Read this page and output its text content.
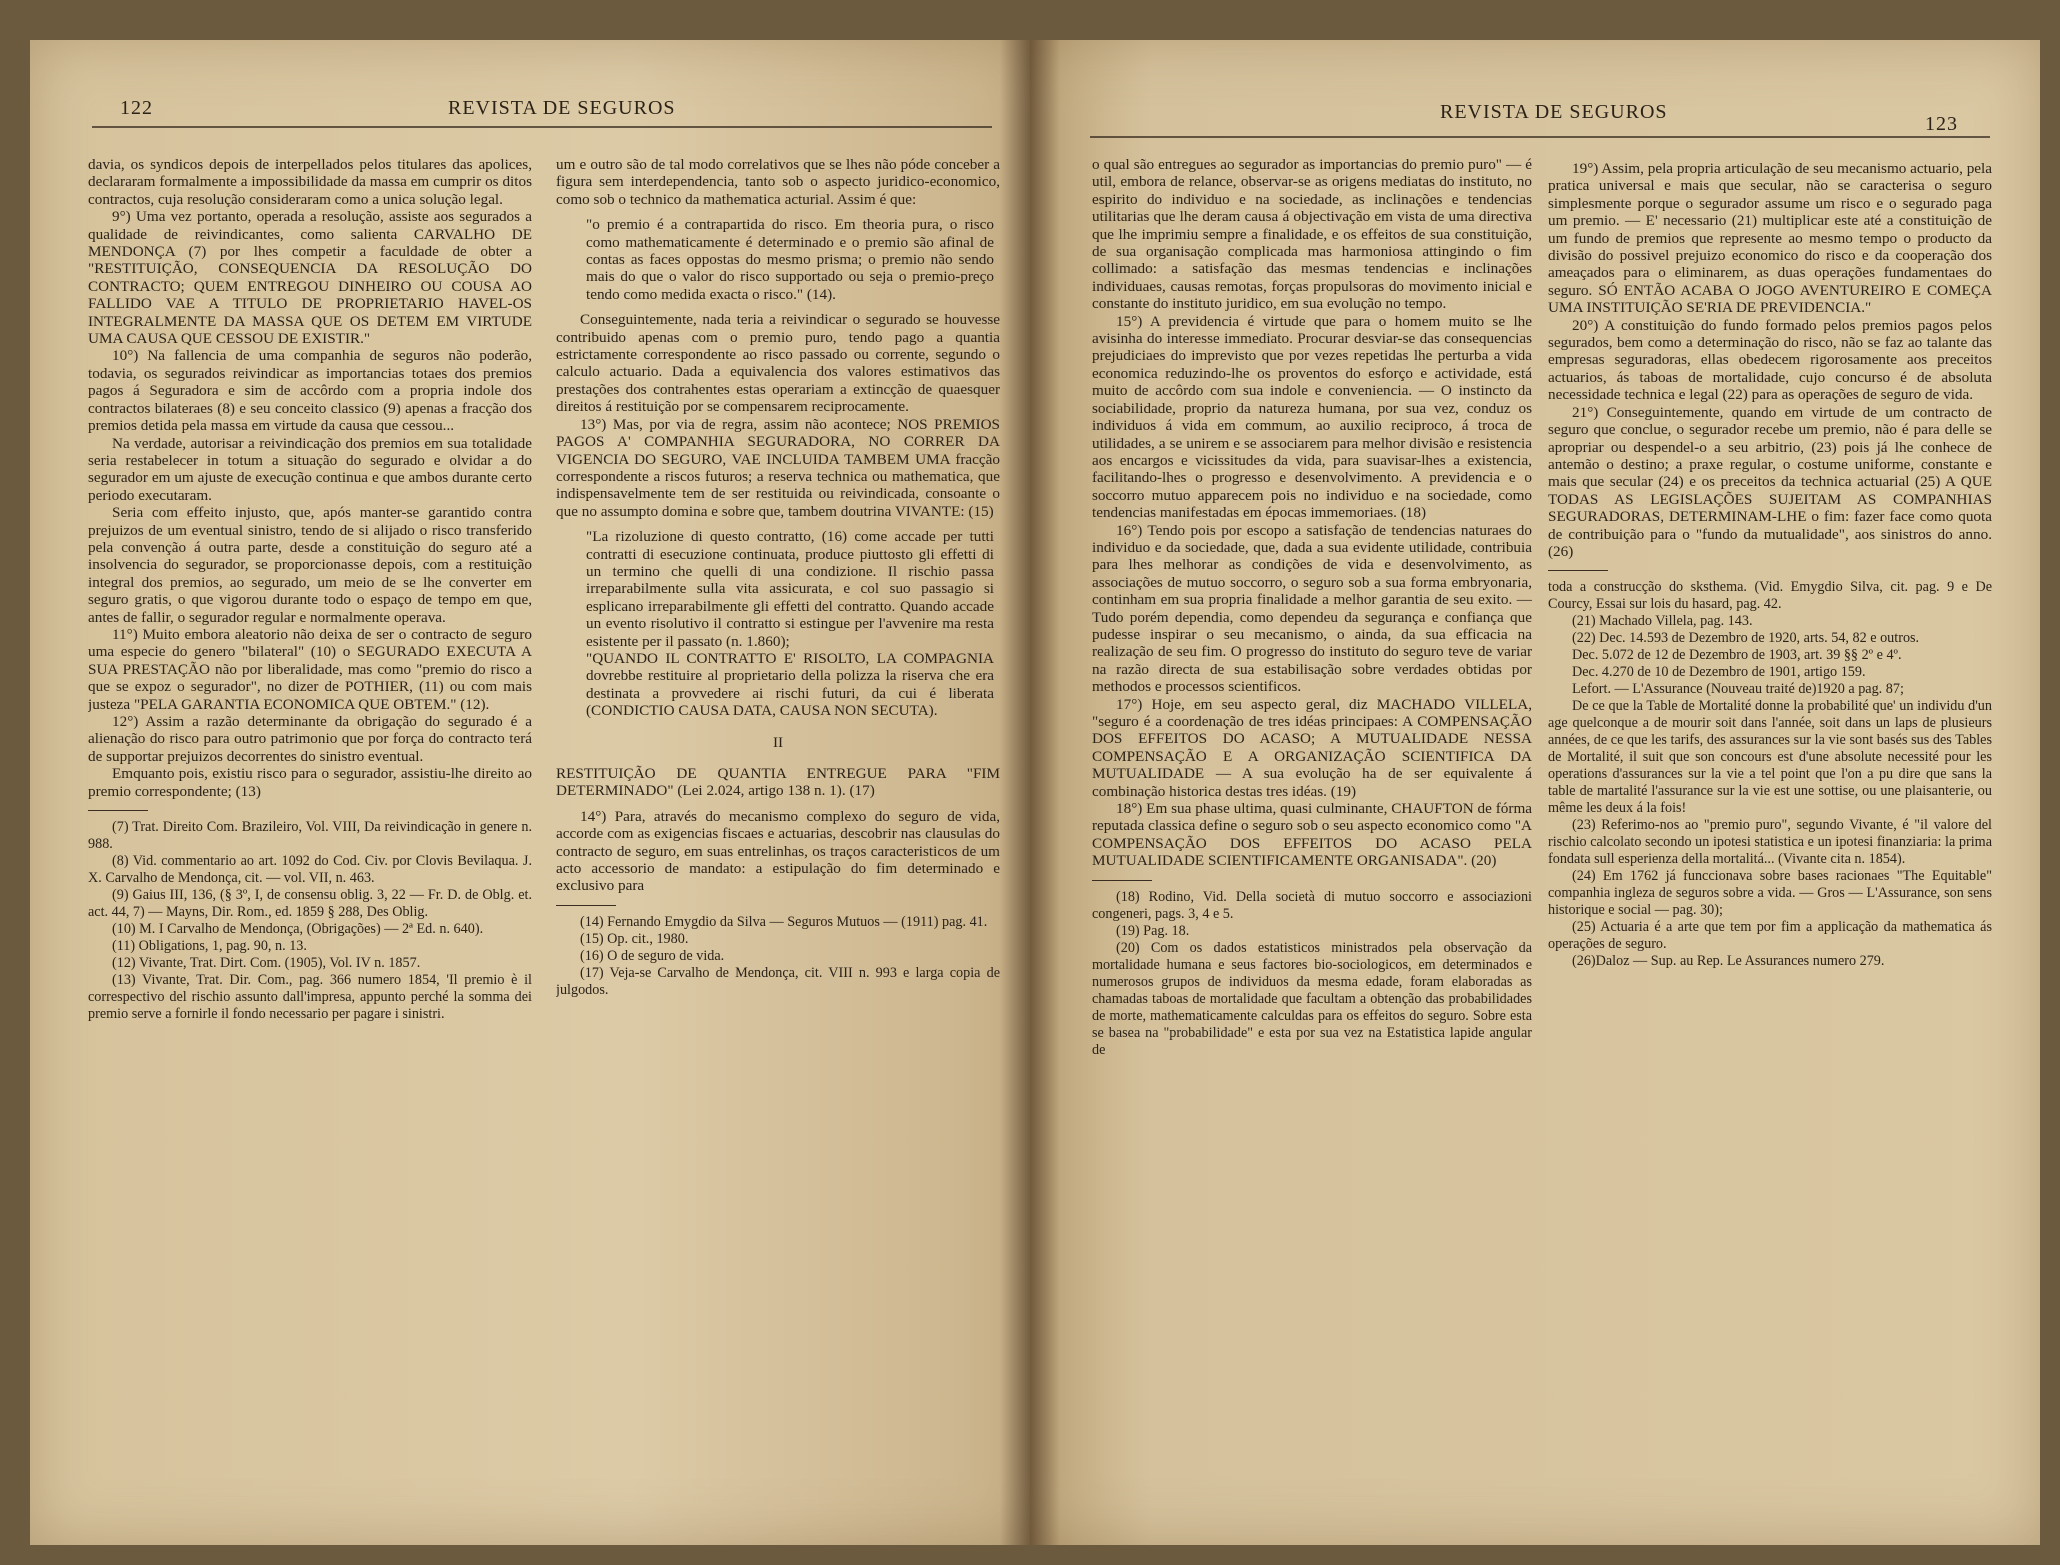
122	REVISTA DE SEGUROS	REVISTA DE SEGUROS
123

davia, os syndicos depois de interpellados pelos titulares das apolices, declararam formalmente a impossibilidade da massa em cumprir os ditos contractos, cuja resolução consideraram como a unica solução legal.

9°) Uma vez portanto, operada a resolução, assiste aos segurados a qualidade de reivindicantes, como salienta CARVALHO DE MENDONÇA (7) por lhes competir a faculdade de obter a "RESTITUIÇÃO, CONSEQUENCIA DA RESOLUÇÃO DO CONTRACTO; QUEM ENTREGOU DINHEIRO OU COUSA AO FALLIDO VAE A TITULO DE PROPRIETARIO HAVEL-OS INTEGRALMENTE DA MASSA QUE OS DETEM EM VIRTUDE UMA CAUSA QUE CESSOU DE EXISTIR."

10°) Na fallencia de uma companhia de seguros não poderão, todavia, os segurados reivindicar as importancias totaes dos premios pagos á Seguradora e sim de accôrdo com a propria indole dos contractos bilateraes (8) e seu conceito classico (9) apenas a fracção dos premios detida pela massa em virtude da causa que cessou...

Na verdade, autorisar a reivindicação dos premios em sua totalidade seria restabelecer in totum a situação do segurado e olvidar a do segurador em um ajuste de execução continua e que ambos durante certo periodo executaram.

Seria com effeito injusto, que, após manter-se garantido contra prejuizos de um eventual sinistro, tendo de si alijado o risco transferido pela convenção á outra parte, desde a constituição do seguro até a insolvencia do segurador, se proporcionasse depois, com a restituição integral dos premios, ao segurado, um meio de se lhe converter em seguro gratis, o que vigorou durante todo o espaço de tempo em que, antes de fallir, o segurador regular e normalmente operava.

11°) Muito embora aleatorio não deixa de ser o contracto de seguro uma especie do genero "bilateral" (10) o SEGURADO EXECUTA A SUA PRESTAÇÃO não por liberalidade, mas como "premio do risco a que se expoz o segurador", no dizer de POTHIER, (11) ou com mais justeza "PELA GARANTIA ECONOMICA QUE OBTEM." (12).

12°) Assim a razão determinante da obrigação do segurado é a alienação do risco para outro patrimonio que por força do contracto terá de supportar prejuizos decorrentes do sinistro eventual.

Emquanto pois, existiu risco para o segurador, assistiu-lhe direito ao premio correspondente; (13)

(7) Trat. Direito Com. Brazileiro, Vol. VIII, Da reivindicação in genere n. 988.

(8) Vid. commentario ao art. 1092 do Cod. Civ. por Clovis Bevilaqua. J. X. Carvalho de Mendonça, cit. — vol. VII, n. 463.

(9) Gaius III, 136, (§ 3º, I, de consensu oblig. 3, 22 — Fr. D. de Oblg. et. act. 44, 7) — Mayns, Dir. Rom., ed. 1859 § 288, Des Oblig.

(10) M. I Carvalho de Mendonça, (Obrigações) — 2ª Ed. n. 640).

(11) Obligations, 1, pag. 90, n. 13.

(12) Vivante, Trat. Dirt. Com. (1905), Vol. IV n. 1857.

(13) Vivante, Trat. Dir. Com., pag. 366 numero 1854, 'Il premio è il correspectivo del rischio assunto dall'impresa, appunto perché la somma dei premio serve a fornirle il fondo necessario per pagare i sinistri.

um e outro são de tal modo correlativos que se lhes não póde conceber a figura sem interdependencia, tanto sob o aspecto juridico-economico, como sob o technico da mathematica acturial. Assim é que:

"o premio é a contrapartida do risco. Em theoria pura, o risco como mathematicamente é determinado e o premio são afinal de contas as faces oppostas do mesmo prisma; o premio não sendo mais do que o valor do risco supportado ou seja o premio-preço tendo como medida exacta o risco." (14).

Conseguintemente, nada teria a reivindicar o segurado se houvesse contribuido apenas com o premio puro, tendo pago a quantia estrictamente correspondente ao risco passado ou corrente, segundo o calculo actuario. Dada a equivalencia dos valores estimativos das prestações dos contrahentes estas operariam a extincção de quaesquer direitos á restituição por se compensarem reciprocamente.

13°) Mas, por via de regra, assim não acontece; NOS PREMIOS PAGOS A' COMPANHIA SEGURADORA, NO CORRER DA VIGENCIA DO SEGURO, VAE INCLUIDA TAMBEM UMA fracção correspondente a riscos futuros; a reserva technica ou mathematica, que indispensavelmente tem de ser restituida ou reivindicada, consoante o que no assumpto domina e sobre que, tambem doutrina VIVANTE: (15)

"La rizoluzione di questo contratto, (16) come accade per tutti contratti di esecuzione continuata, produce piuttosto gli effetti di un termino che quelli di una condizione. Il rischio passa irreparabilmente sulla vita assicurata, e col suo passagio si esplicano irreparabilmente gli effetti del contratto. Quando accade un evento risolutivo il contratto si estingue per l'avvenire ma resta esistente per il passato (n. 1.860);

"QUANDO IL CONTRATTO E' RISOLTO, LA COMPAGNIA dovrebbe restituire al proprietario della polizza la riserva che era destinata a provvedere ai rischi futuri, da cui é liberata (CONDICTIO CAUSA DATA, CAUSA NON SECUTA).

II

RESTITUIÇÃO DE QUANTIA ENTREGUE PARA "FIM DETERMINADO" (Lei 2.024, artigo 138 n. 1). (17)

14°) Para, através do mecanismo complexo do seguro de vida, accorde com as exigencias fiscaes e actuarias, descobrir nas clausulas do contracto de seguro, em suas entrelinhas, os traços caracteristicos de um acto accessorio de mandato: a estipulação do fim determinado e exclusivo para

(14) Fernando Emygdio da Silva — Seguros Mutuos — (1911) pag. 41.

(15) Op. cit., 1980.

(16) O de seguro de vida.

(17) Veja-se Carvalho de Mendonça, cit. VIII n. 993 e larga copia de julgodos.

o qual são entregues ao segurador as importancias do premio puro" — é util, embora de relance, observar-se as origens mediatas do instituto, no espirito do individuo e na sociedade, as inclinações e tendencias utilitarias que lhe deram causa á objectivação em vista de uma directiva que lhe imprimiu sempre a finalidade, e os effeitos de sua constituição, de sua organisação complicada mas harmoniosa attingindo o fim collimado: a satisfação das mesmas tendencias e inclinações individuaes, causas remotas, forças propulsoras do movimento inicial e constante do instituto juridico, em sua evolução no tempo.

15°) A previdencia é virtude que para o homem muito se lhe avisinha do interesse immediato. Procurar desviar-se das consequencias prejudiciaes do imprevisto que por vezes repetidas lhe perturba a vida economica reduzindo-lhe os proventos do esforço e actividade, está muito de accôrdo com sua indole e conveniencia. — O instincto da sociabilidade, proprio da natureza humana, por sua vez, conduz os individuos á vida em commum, ao auxilio reciproco, á troca de utilidades, a se unirem e se associarem para melhor divisão e resistencia aos encargos e vicissitudes da vida, para suavisar-lhes a existencia, facilitando-lhes o progresso e desenvolvimento. A previdencia e o soccorro mutuo apparecem pois no individuo e na sociedade, como tendencias manifestadas em épocas immemoriaes. (18)

16°) Tendo pois por escopo a satisfação de tendencias naturaes do individuo e da sociedade, que, dada a sua evidente utilidade, contribuia para lhes melhorar as condições de vida e desenvolvimento, as associações de mutuo soccorro, o seguro sob a sua forma embryonaria, continham em sua propria finalidade a melhor garantia de seu exito. — Tudo porém dependia, como dependeu da segurança e confiança que pudesse inspirar o seu mecanismo, o ainda, da sua efficacia na realização de seu fim. O progresso do instituto do seguro teve de variar na razão directa de sua estabilisação sobre verdades obtidas por methodos e processos scientificos.

17°) Hoje, em seu aspecto geral, diz MACHADO VILLELA, "seguro é a coordenação de tres idéas principaes: A COMPENSAÇÃO DOS EFFEITOS DO ACASO; A MUTUALIDADE NESSA COMPENSAÇÃO E A ORGANIZAÇÃO SCIENTIFICA DA MUTUALIDADE — A sua evolução ha de ser equivalente á combinação historica destas tres idéas. (19)

18°) Em sua phase ultima, quasi culminante, CHAUFTON de fórma reputada classica define o seguro sob o seu aspecto economico como "A COMPENSAÇÃO DOS EFFEITOS DO ACASO PELA MUTUALIDADE SCIENTIFICAMENTE ORGANISADA". (20)

(18) Rodino, Vid. Della società di mutuo soccorro e associazioni congeneri, pags. 3, 4 e 5.

(19) Pag. 18.

(20) Com os dados estatisticos ministrados pela observação da mortalidade humana e seus factores bio-sociologicos, em determinados e numerosos grupos de individuos da mesma edade, foram elaboradas as chamadas taboas de mortalidade que facultam a obtenção das probabilidades de morte, mathematicamente calculdas para os effeitos do seguro. Sobre esta se basea na "probabilidade" e esta por sua vez na Estatistica lapide angular de

19°) Assim, pela propria articulação de seu mecanismo actuario, pela pratica universal e mais que secular, não se caracterisa o seguro simplesmente porque o segurador assume um risco e o segurado paga um premio. — E' necessario (21) multiplicar este até a constituição de um fundo de premios que represente ao mesmo tempo o producto da divisão do possivel prejuizo economico do risco e da cooperação dos ameaçados para o eliminarem, as duas operações fundamentaes do seguro. SÓ ENTÃO ACABA O JOGO AVENTUREIRO E COMEÇA UMA INSTITUIÇÃO SE'RIA DE PREVIDENCIA."

20°) A constituição do fundo formado pelos premios pagos pelos segurados, bem como a determinação do risco, não se faz ao talante das empresas seguradoras, ellas obedecem rigorosamente aos preceitos actuarios, ás taboas de mortalidade, cujo concurso é de absoluta necessidade technica e legal (22) para as operações de seguro de vida.

21°) Conseguintemente, quando em virtude de um contracto de seguro que conclue, o segurador recebe um premio, não é para delle se apropriar ou despendel-o a seu arbitrio, (23) pois já lhe conhece de antemão o destino; a praxe regular, o costume uniforme, constante e mais que secular (24) e os preceitos da technica actuarial (25) A QUE TODAS AS LEGISLAÇÕES SUJEITAM AS COMPANHIAS SEGURADORAS, DETERMINAM-LHE o fim: fazer face como quota de contribuição para o "fundo da mutualidade", aos sinistros do anno. (26)

toda a construcção do sksthema. (Vid. Emygdio Silva, cit. pag. 9 e De Courcy, Essai sur lois du hasard, pag. 42.

(21) Machado Villela, pag. 143.

(22) Dec. 14.593 de Dezembro de 1920, arts. 54, 82 e outros.

Dec. 5.072 de 12 de Dezembro de 1903, art. 39 §§ 2º e 4º.

Dec. 4.270 de 10 de Dezembro de 1901, artigo 159.

Lefort. — L'Assurance (Nouveau traité de)1920 a pag. 87;

De ce que la Table de Mortalité donne la probabilité que' un individu d'un age quelconque a de mourir soit dans l'année, soit dans un laps de plusieurs années, de ce que les tarifs, des assurances sur la vie sont basés sus des Tables de Mortalité, il suit que son concours est d'une absolute necessité pour les operations d'assurances sur la vie a tel point que l'on a pu dire que sans la table de martalité l'assurance sur la vie est une sottise, ou une plaisanterie, ou même les deux á la fois!

(23) Referimo-nos ao "premio puro", segundo Vivante, é "il valore del rischio calcolato secondo un ipotesi statistica e un ipotesi finanziaria: la prima fondata sull esperienza della mortalitá... (Vivante cita n. 1854).

(24) Em 1762 já funccionava sobre bases racionaes "The Equitable" companhia ingleza de seguros sobre a vida. — Gros — L'Assurance, son sens historique e social — pag. 30);

(25) Actuaria é a arte que tem por fim a applicação da mathematica ás operações de seguro.

(26)Daloz — Sup. au Rep. Le Assurances numero 279.
